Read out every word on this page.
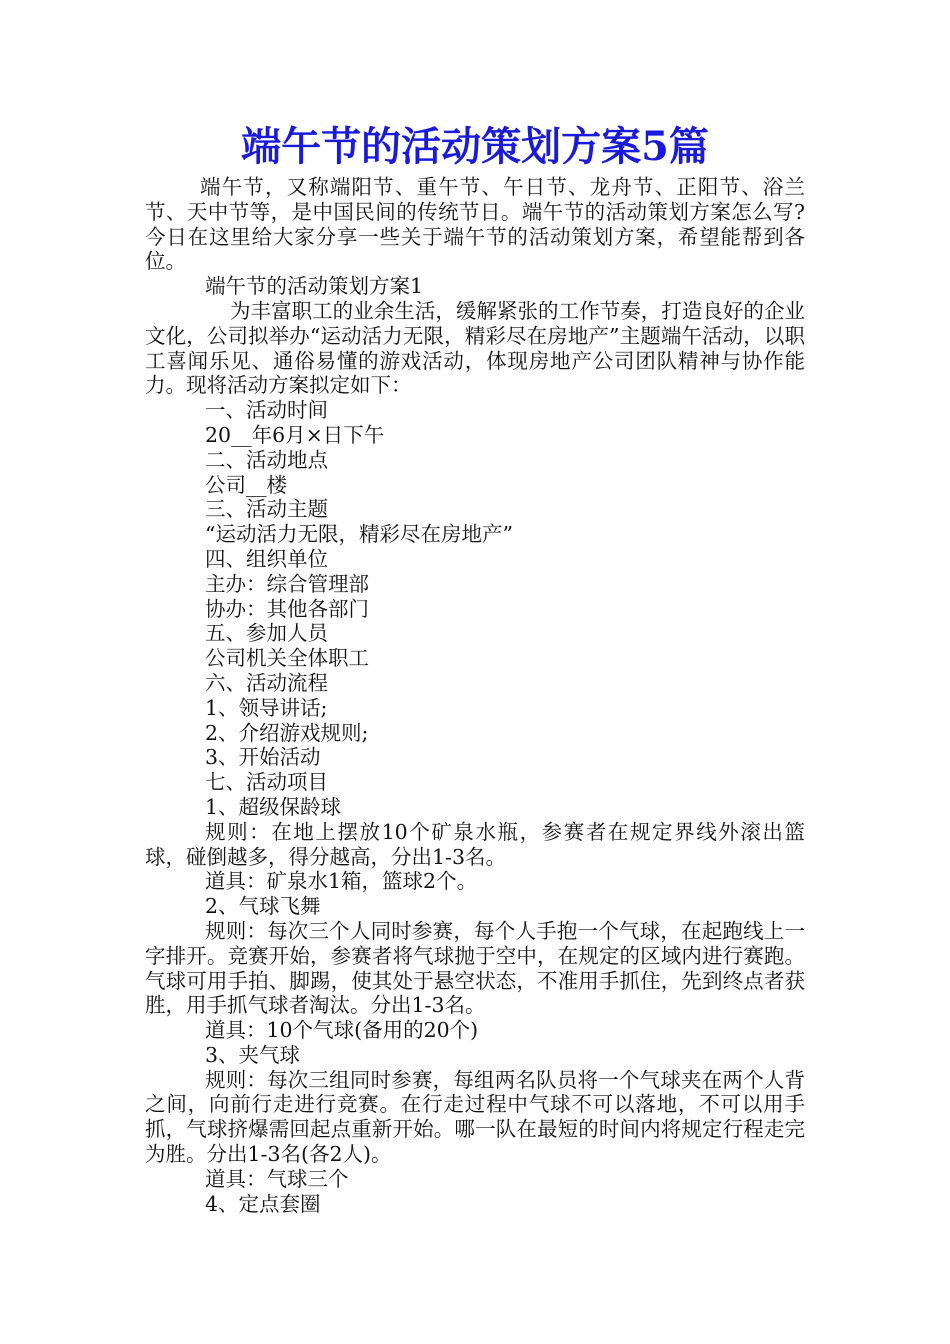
端午节的活动策划方案5篇

端午节，又称端阳节、重午节、午日节、龙舟节、正阳节、浴兰节、天中节等，是中国民间的传统节日。端午节的活动策划方案怎么写?今日在这里给大家分享一些关于端午节的活动策划方案，希望能帮到各位。

端午节的活动策划方案1

为丰富职工的业余生活，缓解紧张的工作节奏，打造良好的企业文化，公司拟举办“运动活力无限，精彩尽在房地产”主题端午活动，以职工喜闻乐见、通俗易懂的游戏活动，体现房地产公司团队精神与协作能力。现将活动方案拟定如下：

一、活动时间

20__年6月×日下午

二、活动地点

公司__楼

三、活动主题

“运动活力无限，精彩尽在房地产”

四、组织单位

主办：综合管理部

协办：其他各部门

五、参加人员

公司机关全体职工

六、活动流程

1、领导讲话;

2、介绍游戏规则;

3、开始活动

七、活动项目

1、超级保龄球

规则：在地上摆放10个矿泉水瓶，参赛者在规定界线外滚出篮球，碰倒越多，得分越高，分出1-3名。

道具：矿泉水1箱，篮球2个。

2、气球飞舞

规则：每次三个人同时参赛，每个人手抱一个气球，在起跑线上一字排开。竞赛开始，参赛者将气球抛于空中，在规定的区域内进行赛跑。气球可用手拍、脚踢，使其处于悬空状态，不准用手抓住，先到终点者获胜，用手抓气球者淘汰。分出1-3名。

道具：10个气球(备用的20个)

3、夹气球

规则：每次三组同时参赛，每组两名队员将一个气球夹在两个人背之间，向前行走进行竞赛。在行走过程中气球不可以落地，不可以用手抓，气球挤爆需回起点重新开始。哪一队在最短的时间内将规定行程走完为胜。分出1-3名(各2人)。

道具：气球三个

4、定点套圈
